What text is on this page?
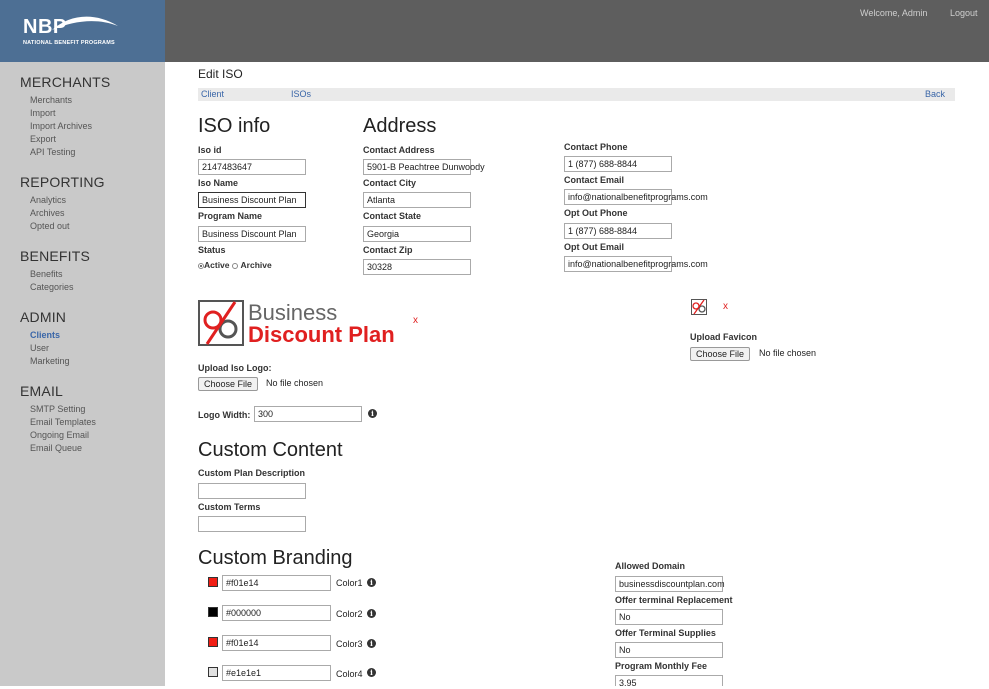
NBP
NATIONAL BENEFIT PROGRAMS
Welcome, Admin	Logout
MERCHANTS
Merchants
Import
Import Archives
Export
API Testing
REPORTING
Analytics
Archives
Opted out
BENEFITS
Benefits
Categories
ADMIN
Clients
User
Marketing
EMAIL
SMTP Setting
Email Templates
Ongoing Email
Email Queue
Edit ISO
Client	ISOs	Back
ISO info
Iso id
2147483647
Iso Name
Business Discount Plan
Program Name
Business Discount Plan
Status
Active Archive
Address
Contact Address
5901-B Peachtree Dunwoody
Contact City
Atlanta
Contact State
Georgia
Contact Zip
30328
Contact Phone
1 (877) 688-8844
Contact Email
info@nationalbenefitprograms.com
Opt Out Phone
1 (877) 688-8844
Opt Out Email
info@nationalbenefitprograms.com
Business
Discount Plan
x
Upload Iso Logo:
Choose File	No file chosen
Logo Width: 300	i
x
Upload Favicon
Choose File	No file chosen
Custom Content
Custom Plan Description
Custom Terms
Custom Branding
#f01e14	Color1	i
#000000	Color2	i
#f01e14	Color3	i
#e1e1e1	Color4	i
Allowed Domain
businessdiscountplan.com
Offer terminal Replacement
No
Offer Terminal Supplies
No
Program Monthly Fee
3.95
